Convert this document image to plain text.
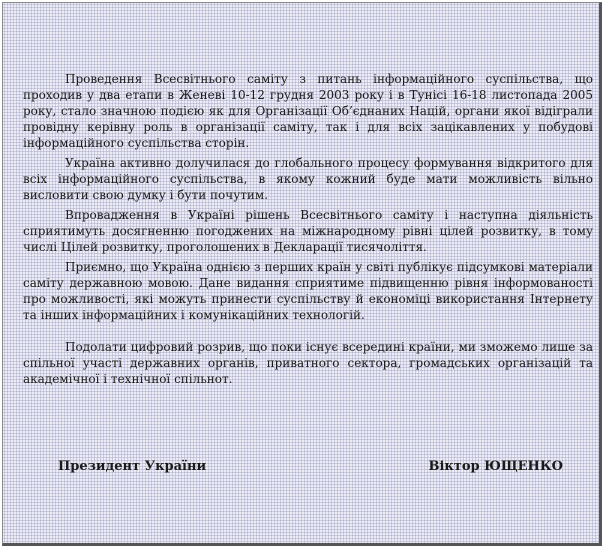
Проведення Всесвітнього саміту з питань інформаційного суспільства, що проходив у два етапи в Женеві 10-12 грудня 2003 року і в Тунісі 16-18 листопада 2005 року, стало значною подією як для Організації Об’єднаних Націй, органи якої відігрaли провідну керівну роль в організації саміту, так і для всіх зацікавлених у побудові інформаційного суспільства сторін.

Україна активно долучилася до глобального процесу формування відкритого для всіх інформаційного суспільства, в якому кожний буде мати можливість вільно висловити свою думку і бути почутим.

Впровадження в Україні рішень Всесвітнього саміту і наступна діяльність сприятимуть досягненню погоджених на міжнародному рівні цілей розвитку, в тому числі Цілей розвитку, проголошених в Декларації тисячоліття.

Приємно, що Україна однією з перших країн у світі публікує підсумкові матеріали саміту державною мовою. Дане видання сприятиме підвищенню рівня інформованості про можливості, які можуть принести суспільству й економіці використання Інтернету та інших інформаційних і комунікаційних технологій.

Подолати цифровий розрив, що поки існує всередині країни, ми зможемо лише за спільної участі державних органів, приватного сектора, громадських організацій та академічної і технічної спільнот.

Президент України	Віктор ЮЩЕНКО
